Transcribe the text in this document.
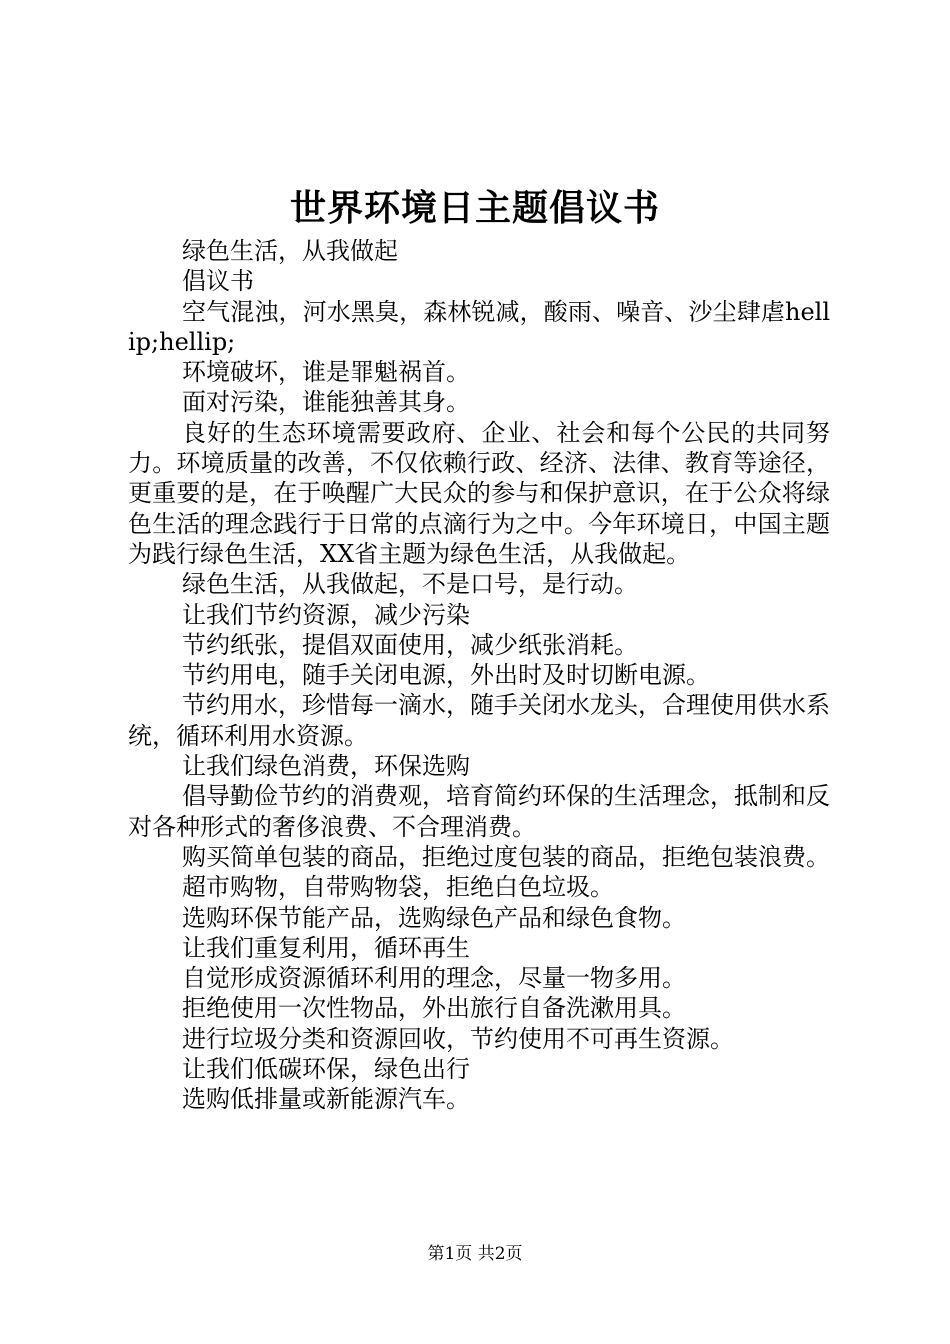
世界环境日主题倡议书

绿色生活，从我做起

倡议书

空气混浊，河水黑臭，森林锐减，酸雨、噪音、沙尘肆虐hellip;hellip;

环境破坏，谁是罪魁祸首。

面对污染，谁能独善其身。

良好的生态环境需要政府、企业、社会和每个公民的共同努力。环境质量的改善，不仅依赖行政、经济、法律、教育等途径，更重要的是，在于唤醒广大民众的参与和保护意识，在于公众将绿色生活的理念践行于日常的点滴行为之中。今年环境日，中国主题为践行绿色生活，XX省主题为绿色生活，从我做起。

绿色生活，从我做起，不是口号，是行动。

让我们节约资源，减少污染

节约纸张，提倡双面使用，减少纸张消耗。

节约用电，随手关闭电源，外出时及时切断电源。

节约用水，珍惜每一滴水，随手关闭水龙头，合理使用供水系统，循环利用水资源。

让我们绿色消费，环保选购

倡导勤俭节约的消费观，培育简约环保的生活理念，抵制和反对各种形式的奢侈浪费、不合理消费。

购买简单包装的商品，拒绝过度包装的商品，拒绝包装浪费。

超市购物，自带购物袋，拒绝白色垃圾。

选购环保节能产品，选购绿色产品和绿色食物。

让我们重复利用，循环再生

自觉形成资源循环利用的理念，尽量一物多用。

拒绝使用一次性物品，外出旅行自备洗漱用具。

进行垃圾分类和资源回收，节约使用不可再生资源。

让我们低碳环保，绿色出行

选购低排量或新能源汽车。

第1页 共2页
